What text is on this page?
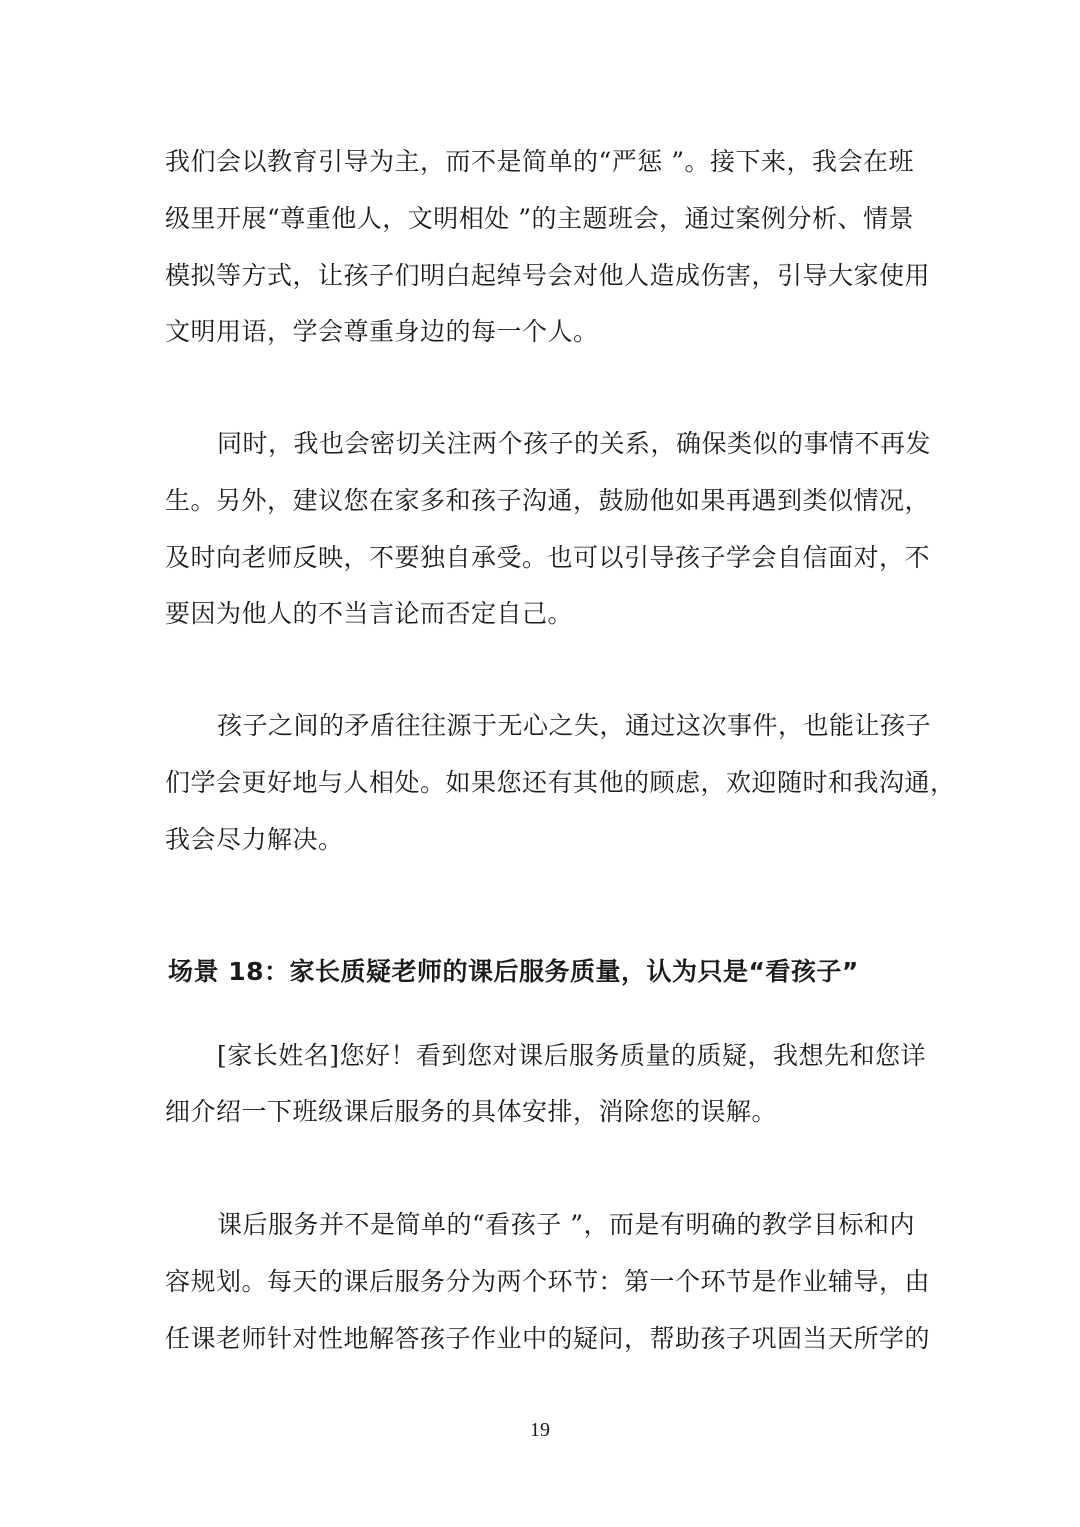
我们会以教育引导为主，而不是简单的“严惩 ”。接下来，我会在班
级里开展“尊重他人，文明相处 ”的主题班会，通过案例分析、情景
模拟等方式，让孩子们明白起绰号会对他人造成伤害，引导大家使用
文明用语，学会尊重身边的每一个人。
同时，我也会密切关注两个孩子的关系，确保类似的事情不再发
生。另外，建议您在家多和孩子沟通，鼓励他如果再遇到类似情况，
及时向老师反映，不要独自承受。也可以引导孩子学会自信面对，不
要因为他人的不当言论而否定自己。
孩子之间的矛盾往往源于无心之失，通过这次事件，也能让孩子
们学会更好地与人相处。如果您还有其他的顾虑，欢迎随时和我沟通，
我会尽力解决。
场景 18：家长质疑老师的课后服务质量，认为只是“看孩子”
[家长姓名]您好！看到您对课后服务质量的质疑，我想先和您详
细介绍一下班级课后服务的具体安排，消除您的误解。
课后服务并不是简单的“看孩子 ”，而是有明确的教学目标和内
容规划。每天的课后服务分为两个环节：第一个环节是作业辅导，由
任课老师针对性地解答孩子作业中的疑问，帮助孩子巩固当天所学的
19
